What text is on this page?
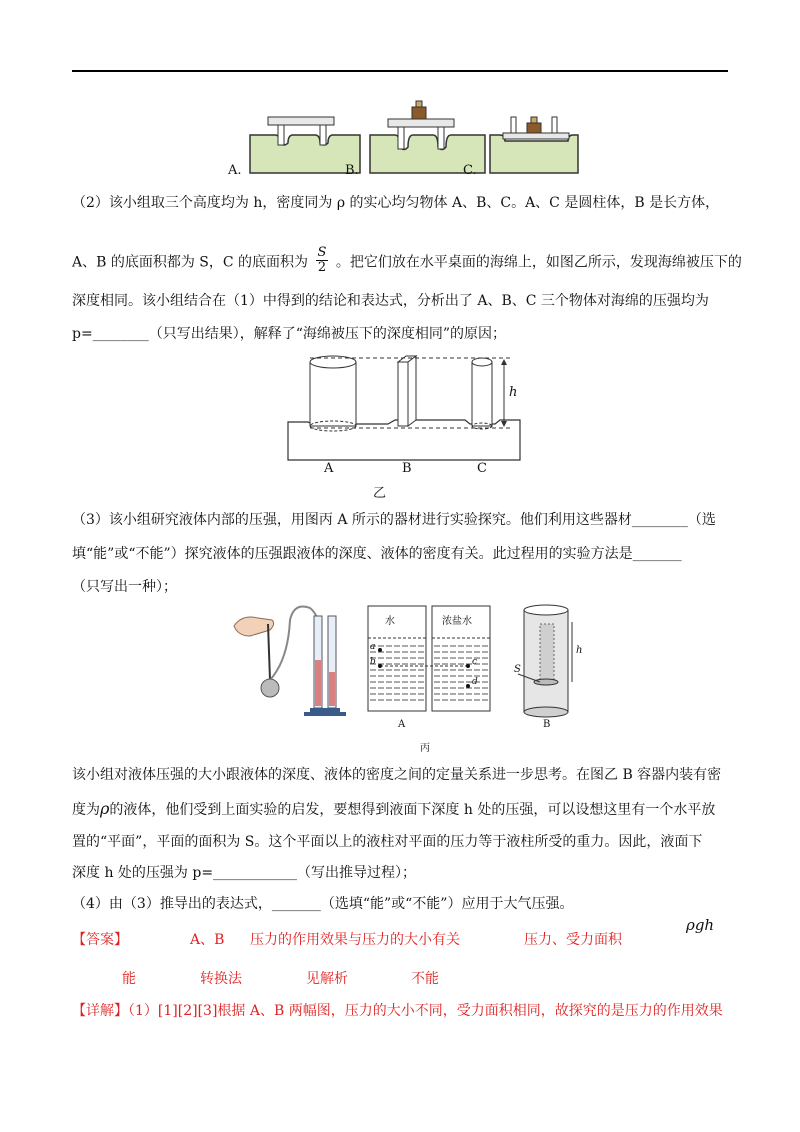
A.	B.	C.
（2）该小组取三个高度均为 h，密度同为 ρ 的实心均匀物体 A、B、C。A、C 是圆柱体，B 是长方体，
A、B 的底面积都为 S，C 的底面积为 $\frac{S}{2}$ 。把它们放在水平桌面的海绵上，如图乙所示，发现海绵被压下的
深度相同。该小组结合在（1）中得到的结论和表达式，分析出了 A、B、C 三个物体对海绵的压强均为
p=________（只写出结果），解释了“海绵被压下的深度相同”的原因；
h
A	B	C
乙
（3）该小组研究液体内部的压强，用图丙 A 所示的器材进行实验探究。他们利用这些器材________（选
填“能”或“不能”）探究液体的压强跟液体的深度、液体的密度有关。此过程用的实验方法是_______
（只写出一种）；
水	浓盐水
a
b	c
d
S
h
A	B
丙
该小组对液体压强的大小跟液体的深度、液体的密度之间的定量关系进一步思考。在图乙 B 容器内装有密
度为ρ的液体，他们受到上面实验的启发，要想得到液面下深度 h 处的压强，可以设想这里有一个水平放
置的“平面”，平面的面积为 S。这个平面以上的液柱对平面的压力等于液柱所受的重力。因此，液面下
深度 h 处的压强为 p=____________（写出推导过程）；
（4）由（3）推导出的表达式，_______（选填“能”或“不能”）应用于大气压强。
【答案】	A、B 压力的作用效果与压力的大小有关	压力、受力面积
ρgh
能	转换法	见解析	不能
【详解】（1）[1][2][3]根据 A、B 两幅图，压力的大小不同，受力面积相同，故探究的是压力的作用效果
